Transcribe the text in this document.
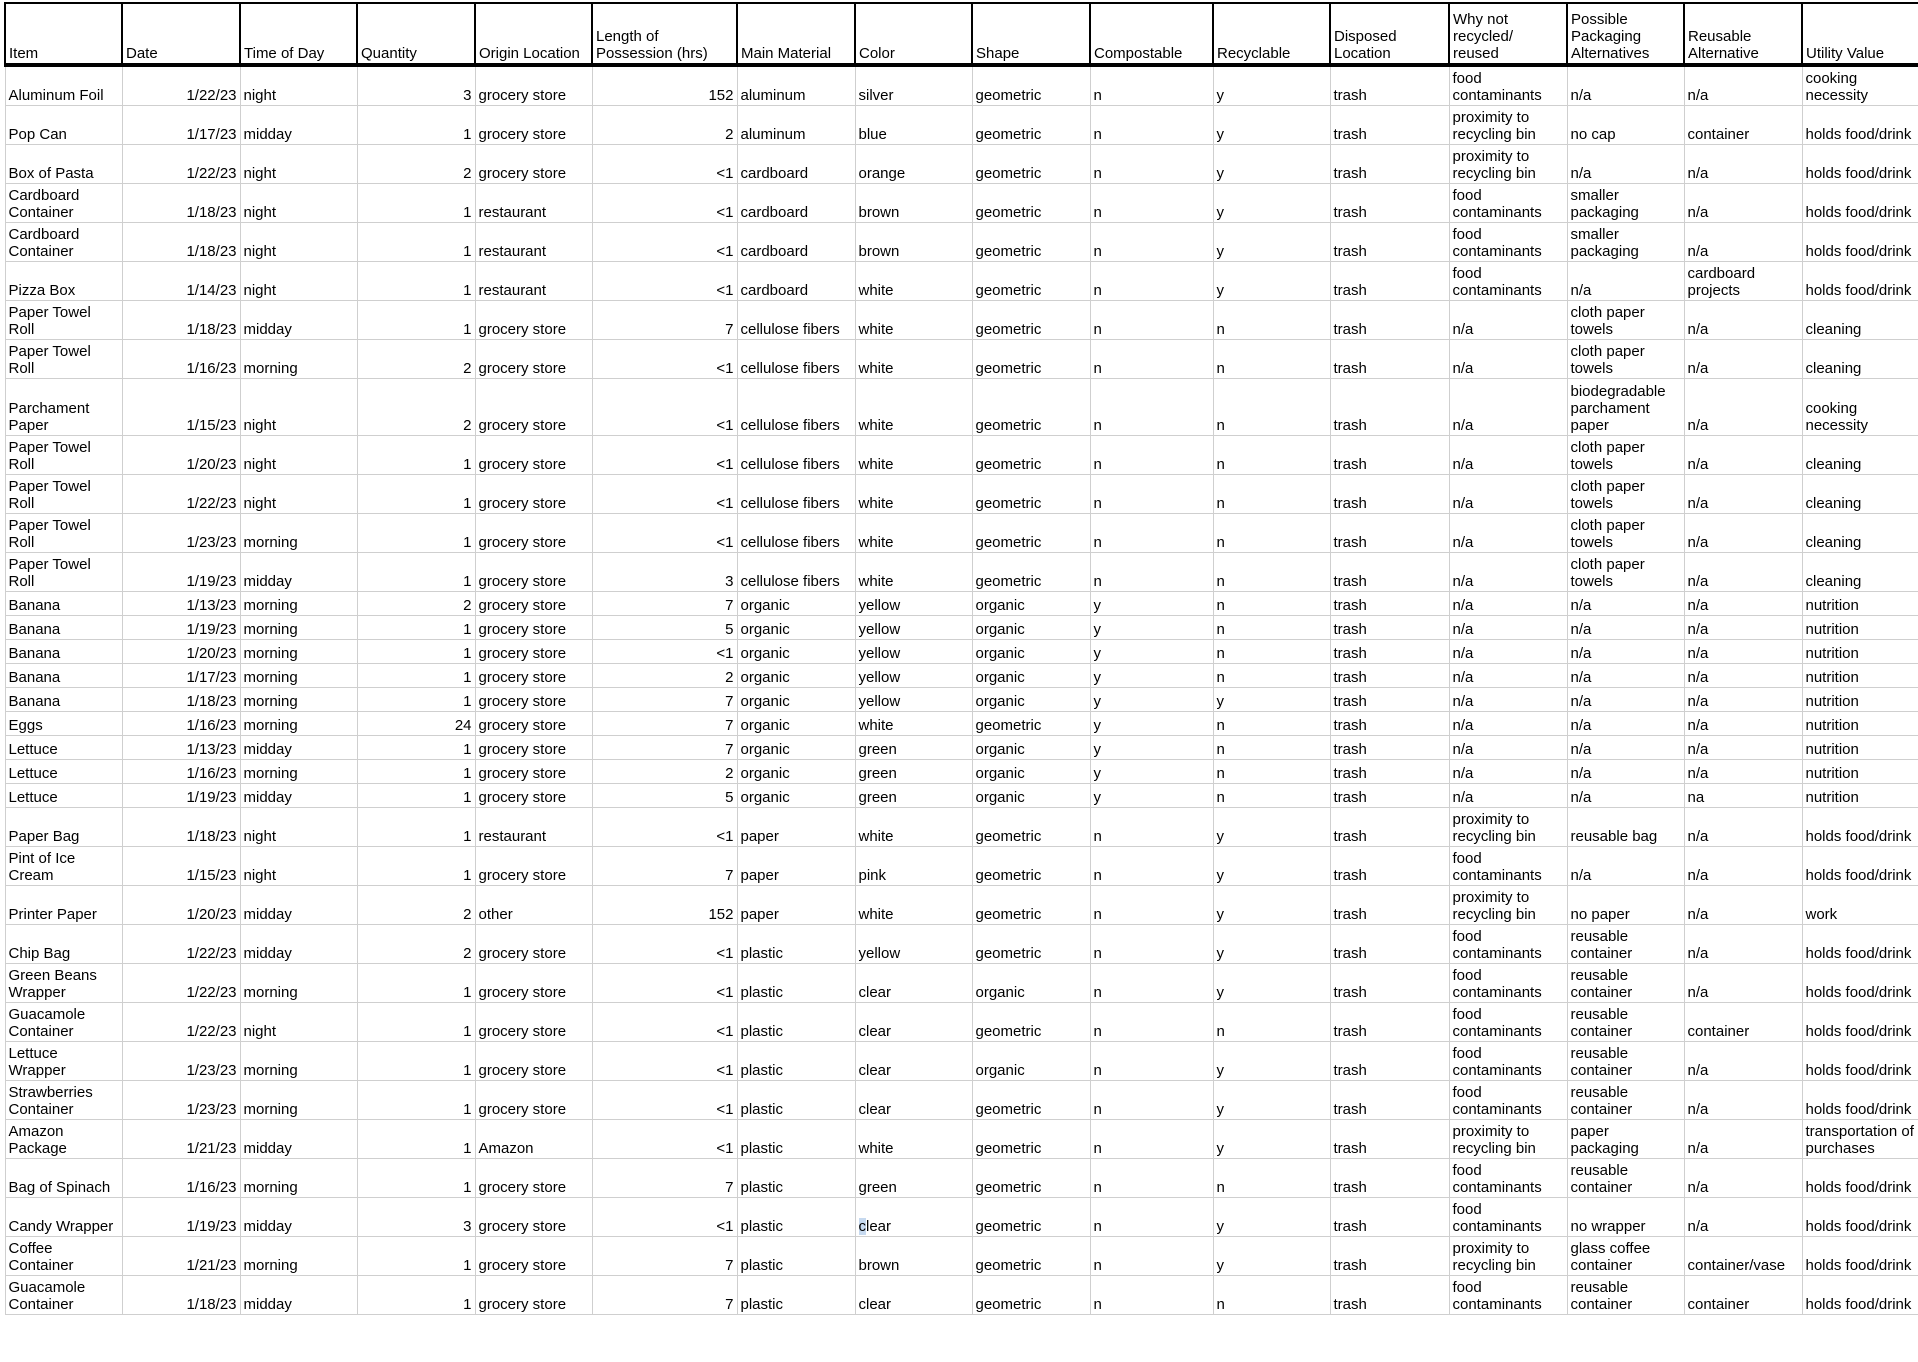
Item	Date	Time of Day	Quantity	Origin Location	Length of Possession (hrs)	Main Material	Color	Shape	Compostable	Recyclable	Disposed Location	Why not recycled/ reused	Possible Packaging Alternatives	Reusable Alternative	Utility Value
Aluminum Foil	1/22/23	night	3	grocery store	152	aluminum	silver	geometric	n	y	trash	food contaminants	n/a	n/a	cooking necessity
Pop Can	1/17/23	midday	1	grocery store	2	aluminum	blue	geometric	n	y	trash	proximity to recycling bin	no cap	container	holds food/drink
Box of Pasta	1/22/23	night	2	grocery store	<1	cardboard	orange	geometric	n	y	trash	proximity to recycling bin	n/a	n/a	holds food/drink
Cardboard Container	1/18/23	night	1	restaurant	<1	cardboard	brown	geometric	n	y	trash	food contaminants	smaller packaging	n/a	holds food/drink
Cardboard Container	1/18/23	night	1	restaurant	<1	cardboard	brown	geometric	n	y	trash	food contaminants	smaller packaging	n/a	holds food/drink
Pizza Box	1/14/23	night	1	restaurant	<1	cardboard	white	geometric	n	y	trash	food contaminants	n/a	cardboard projects	holds food/drink
Paper Towel Roll	1/18/23	midday	1	grocery store	7	cellulose fibers	white	geometric	n	n	trash	n/a	cloth paper towels	n/a	cleaning
Paper Towel Roll	1/16/23	morning	2	grocery store	<1	cellulose fibers	white	geometric	n	n	trash	n/a	cloth paper towels	n/a	cleaning
Parchament Paper	1/15/23	night	2	grocery store	<1	cellulose fibers	white	geometric	n	n	trash	n/a	biodegradable parchament paper	n/a	cooking necessity
Paper Towel Roll	1/20/23	night	1	grocery store	<1	cellulose fibers	white	geometric	n	n	trash	n/a	cloth paper towels	n/a	cleaning
Paper Towel Roll	1/22/23	night	1	grocery store	<1	cellulose fibers	white	geometric	n	n	trash	n/a	cloth paper towels	n/a	cleaning
Paper Towel Roll	1/23/23	morning	1	grocery store	<1	cellulose fibers	white	geometric	n	n	trash	n/a	cloth paper towels	n/a	cleaning
Paper Towel Roll	1/19/23	midday	1	grocery store	3	cellulose fibers	white	geometric	n	n	trash	n/a	cloth paper towels	n/a	cleaning
Banana	1/13/23	morning	2	grocery store	7	organic	yellow	organic	y	n	trash	n/a	n/a	n/a	nutrition
Banana	1/19/23	morning	1	grocery store	5	organic	yellow	organic	y	n	trash	n/a	n/a	n/a	nutrition
Banana	1/20/23	morning	1	grocery store	<1	organic	yellow	organic	y	n	trash	n/a	n/a	n/a	nutrition
Banana	1/17/23	morning	1	grocery store	2	organic	yellow	organic	y	n	trash	n/a	n/a	n/a	nutrition
Banana	1/18/23	morning	1	grocery store	7	organic	yellow	organic	y	y	trash	n/a	n/a	n/a	nutrition
Eggs	1/16/23	morning	24	grocery store	7	organic	white	geometric	y	n	trash	n/a	n/a	n/a	nutrition
Lettuce	1/13/23	midday	1	grocery store	7	organic	green	organic	y	n	trash	n/a	n/a	n/a	nutrition
Lettuce	1/16/23	morning	1	grocery store	2	organic	green	organic	y	n	trash	n/a	n/a	n/a	nutrition
Lettuce	1/19/23	midday	1	grocery store	5	organic	green	organic	y	n	trash	n/a	n/a	na	nutrition
Paper Bag	1/18/23	night	1	restaurant	<1	paper	white	geometric	n	y	trash	proximity to recycling bin	reusable bag	n/a	holds food/drink
Pint of Ice Cream	1/15/23	night	1	grocery store	7	paper	pink	geometric	n	y	trash	food contaminants	n/a	n/a	holds food/drink
Printer Paper	1/20/23	midday	2	other	152	paper	white	geometric	n	y	trash	proximity to recycling bin	no paper	n/a	work
Chip Bag	1/22/23	midday	2	grocery store	<1	plastic	yellow	geometric	n	y	trash	food contaminants	reusable container	n/a	holds food/drink
Green Beans Wrapper	1/22/23	morning	1	grocery store	<1	plastic	clear	organic	n	y	trash	food contaminants	reusable container	n/a	holds food/drink
Guacamole Container	1/22/23	night	1	grocery store	<1	plastic	clear	geometric	n	n	trash	food contaminants	reusable container	container	holds food/drink
Lettuce Wrapper	1/23/23	morning	1	grocery store	<1	plastic	clear	organic	n	y	trash	food contaminants	reusable container	n/a	holds food/drink
Strawberries Container	1/23/23	morning	1	grocery store	<1	plastic	clear	geometric	n	y	trash	food contaminants	reusable container	n/a	holds food/drink
Amazon Package	1/21/23	midday	1	Amazon	<1	plastic	white	geometric	n	y	trash	proximity to recycling bin	paper packaging	n/a	transportation of purchases
Bag of Spinach	1/16/23	morning	1	grocery store	7	plastic	green	geometric	n	n	trash	food contaminants	reusable container	n/a	holds food/drink
Candy Wrapper	1/19/23	midday	3	grocery store	<1	plastic	clear	geometric	n	y	trash	food contaminants	no wrapper	n/a	holds food/drink
Coffee Container	1/21/23	morning	1	grocery store	7	plastic	brown	geometric	n	y	trash	proximity to recycling bin	glass coffee container	container/vase	holds food/drink
Guacamole Container	1/18/23	midday	1	grocery store	7	plastic	clear	geometric	n	n	trash	food contaminants	reusable container	container	holds food/drink
